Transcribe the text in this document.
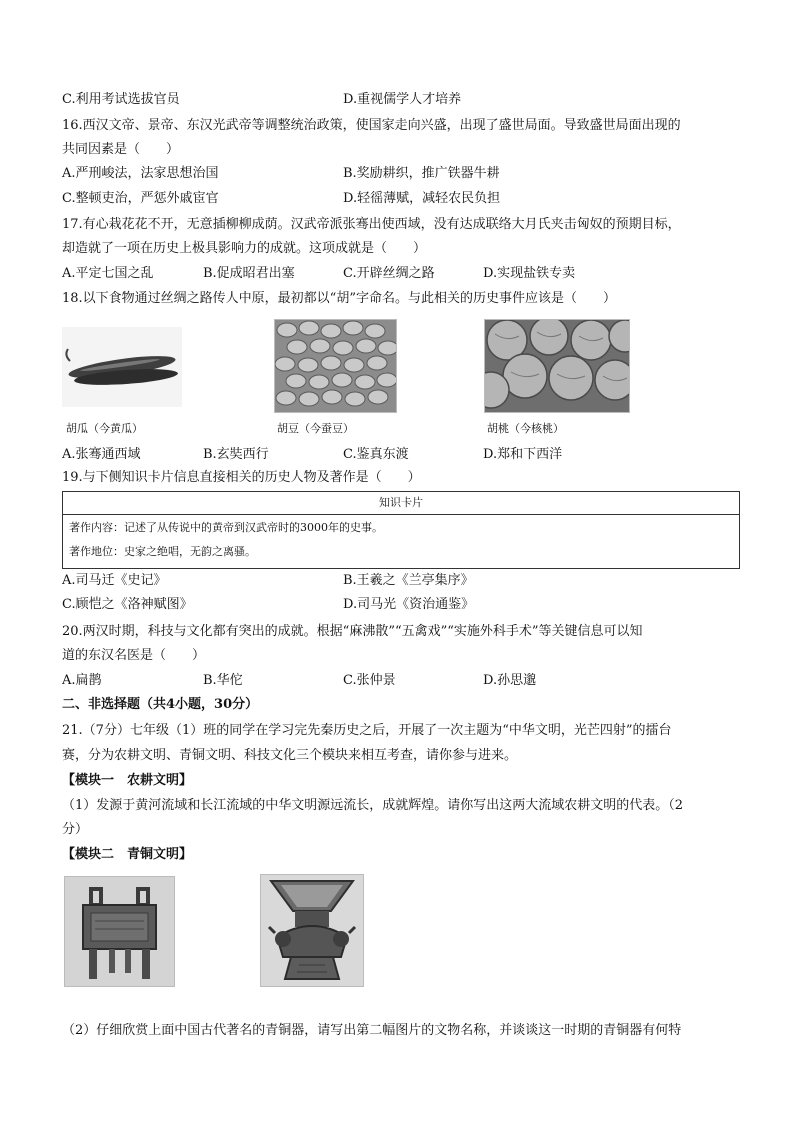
C.利用考试选拔官员	D.重视儒学人才培养
16.西汉文帝、景帝、东汉光武帝等调整统治政策，使国家走向兴盛，出现了盛世局面。导致盛世局面出现的
共同因素是（　　）
A.严刑峻法，法家思想治国	B.奖励耕织，推广铁器牛耕
C.整顿吏治，严惩外戚宦官	D.轻徭薄赋，减轻农民负担
17.有心栽花花不开，无意插柳柳成荫。汉武帝派张骞出使西域，没有达成联络大月氏夹击匈奴的预期目标，
却造就了一项在历史上极具影响力的成就。这项成就是（　　）
A.平定七国之乱	B.促成昭君出塞	C.开辟丝绸之路	D.实现盐铁专卖
18.以下食物通过丝绸之路传人中原，最初都以“胡”字命名。与此相关的历史事件应该是（　　）
胡瓜（今黄瓜）	胡豆（今蚕豆）	胡桃（今核桃）
A.张骞通西域	B.玄奘西行	C.鉴真东渡	D.郑和下西洋
19.与下侧知识卡片信息直接相关的历史人物及著作是（　　）
知识卡片
著作内容：记述了从传说中的黄帝到汉武帝时的3000年的史事。
著作地位：史家之绝唱，无韵之离骚。
A.司马迁《史记》	B.王羲之《兰亭集序》
C.顾恺之《洛神赋图》	D.司马光《资治通鉴》
20.两汉时期，科技与文化都有突出的成就。根据“麻沸散”“五禽戏”“实施外科手术”等关键信息可以知
道的东汉名医是（　　）
A.扁鹊	B.华佗	C.张仲景	D.孙思邈
二、非选择题（共4小题，30分）
21.（7分）七年级（1）班的同学在学习完先秦历史之后，开展了一次主题为“中华文明，光芒四射”的擂台
赛，分为农耕文明、青铜文明、科技文化三个模块来相互考查，请你参与进来。
【模块一　农耕文明】
（1）发源于黄河流域和长江流域的中华文明源远流长，成就辉煌。请你写出这两大流域农耕文明的代表。（2
分）
【模块二　青铜文明】
（2）仔细欣赏上面中国古代著名的青铜器，请写出第二幅图片的文物名称，并谈谈这一时期的青铜器有何特
